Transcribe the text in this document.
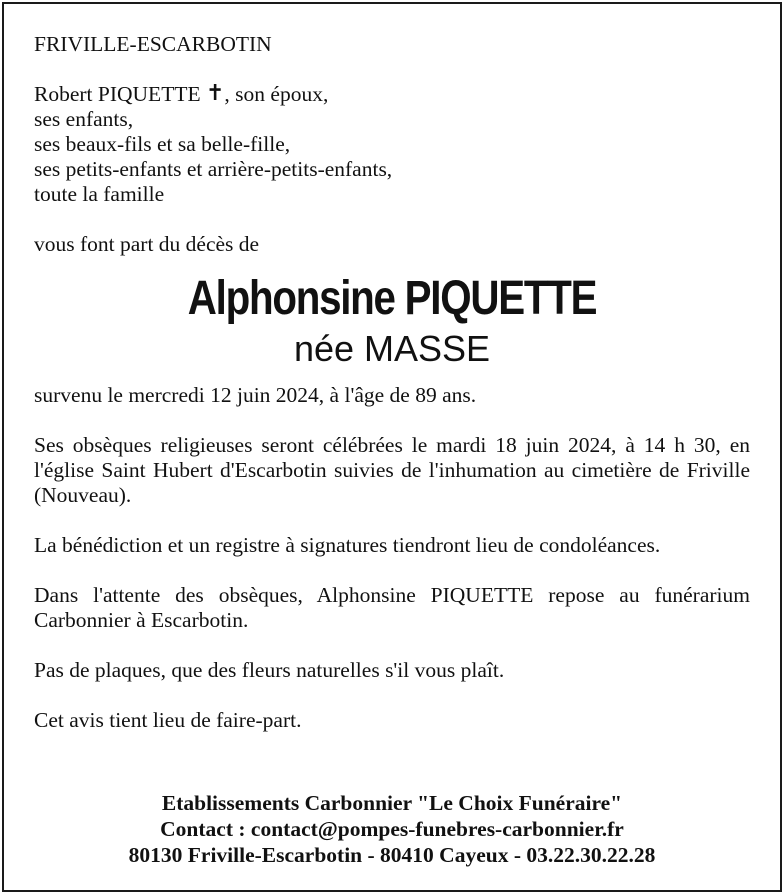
FRIVILLE-ESCARBOTIN

Robert PIQUETTE ✝, son époux,

ses enfants,

ses beaux-fils et sa belle-fille,

ses petits-enfants et arrière-petits-enfants,

toute la famille

vous font part du décès de

Alphonsine PIQUETTE
née MASSE

survenu le mercredi 12 juin 2024, à l'âge de 89 ans.

Ses obsèques religieuses seront célébrées le mardi 18 juin 2024, à 14 h 30, en l'église Saint Hubert d'Escarbotin suivies de l'inhumation au cimetière de Friville (Nouveau).

La bénédiction et un registre à signatures tiendront lieu de condoléances.

Dans l'attente des obsèques, Alphonsine PIQUETTE repose au funérarium Carbonnier à Escarbotin.

Pas de plaques, que des fleurs naturelles s'il vous plaît.

Cet avis tient lieu de faire-part.

Etablissements Carbonnier "Le Choix Funéraire"
Contact : contact@pompes-funebres-carbonnier.fr
80130 Friville-Escarbotin - 80410 Cayeux - 03.22.30.22.28
